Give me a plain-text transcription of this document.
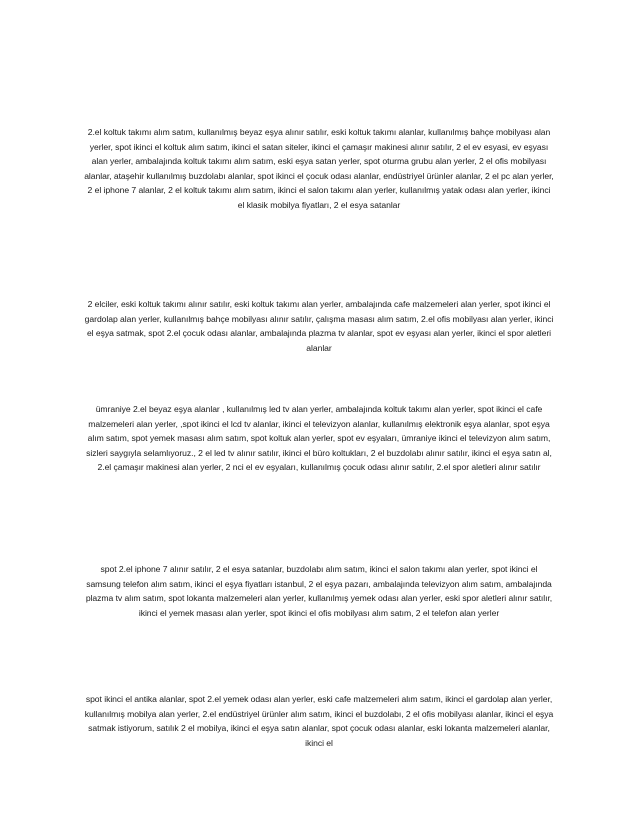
2.el koltuk takımı alım satım, kullanılmış beyaz eşya alınır satılır, eski koltuk takımı alanlar, kullanılmış bahçe mobilyası alan yerler, spot ikinci el koltuk alım satım, ikinci el satan siteler, ikinci el çamaşır makinesi alınır satılır, 2 el ev esyasi, ev eşyası alan yerler, ambalajında koltuk takımı alım satım, eski eşya satan yerler, spot oturma grubu alan yerler, 2 el ofis mobilyası alanlar, ataşehir kullanılmış buzdolabı alanlar, spot ikinci el çocuk odası alanlar, endüstriyel ürünler alanlar, 2 el pc alan yerler, 2 el iphone 7 alanlar, 2 el koltuk takımı alım satım, ikinci el salon takımı alan yerler, kullanılmış yatak odası alan yerler, ikinci el klasik mobilya fiyatları, 2 el esya satanlar

2 elciler, eski koltuk takımı alınır satılır, eski koltuk takımı alan yerler, ambalajında cafe malzemeleri alan yerler, spot ikinci el gardolap alan yerler, kullanılmış bahçe mobilyası alınır satılır, çalışma masası alım satım, 2.el ofis mobilyası alan yerler, ikinci el eşya satmak, spot 2.el çocuk odası alanlar, ambalajında plazma tv alanlar, spot ev eşyası alan yerler, ikinci el spor aletleri alanlar

ümraniye 2.el beyaz eşya alanlar , kullanılmış led tv alan yerler, ambalajında koltuk takımı alan yerler, spot ikinci el cafe malzemeleri alan yerler, ,spot ikinci el lcd tv alanlar, ikinci el televizyon alanlar, kullanılmış elektronik eşya alanlar, spot eşya alım satım, spot yemek masası alım satım, spot koltuk alan yerler, spot ev eşyaları, ümraniye ikinci el televizyon alım satım, sizleri saygıyla selamlıyoruz., 2 el led tv alınır satılır, ikinci el büro koltukları, 2 el buzdolabı alınır satılır, ikinci el eşya satın al, 2.el çamaşır makinesi alan yerler, 2 nci el ev eşyaları, kullanılmış çocuk odası alınır satılır, 2.el spor aletleri alınır satılır

spot 2.el iphone 7 alınır satılır, 2 el esya satanlar, buzdolabı alım satım, ikinci el salon takımı alan yerler, spot ikinci el samsung telefon alım satım, ikinci el eşya fiyatları istanbul, 2 el eşya pazarı, ambalajında televizyon alım satım, ambalajında plazma tv alım satım, spot lokanta malzemeleri alan yerler, kullanılmış yemek odası alan yerler, eski spor aletleri alınır satılır, ikinci el yemek masası alan yerler, spot ikinci el ofis mobilyası alım satım, 2 el telefon alan yerler

spot ikinci el antika alanlar, spot 2.el yemek odası alan yerler, eski cafe malzemeleri alım satım, ikinci el gardolap alan yerler, kullanılmış mobilya alan yerler, 2.el endüstriyel ürünler alım satım, ikinci el buzdolabı, 2 el ofis mobilyası alanlar, ikinci el eşya satmak istiyorum, satılık 2 el mobilya, ikinci el eşya satın alanlar, spot çocuk odası alanlar, eski lokanta malzemeleri alanlar, ikinci el
